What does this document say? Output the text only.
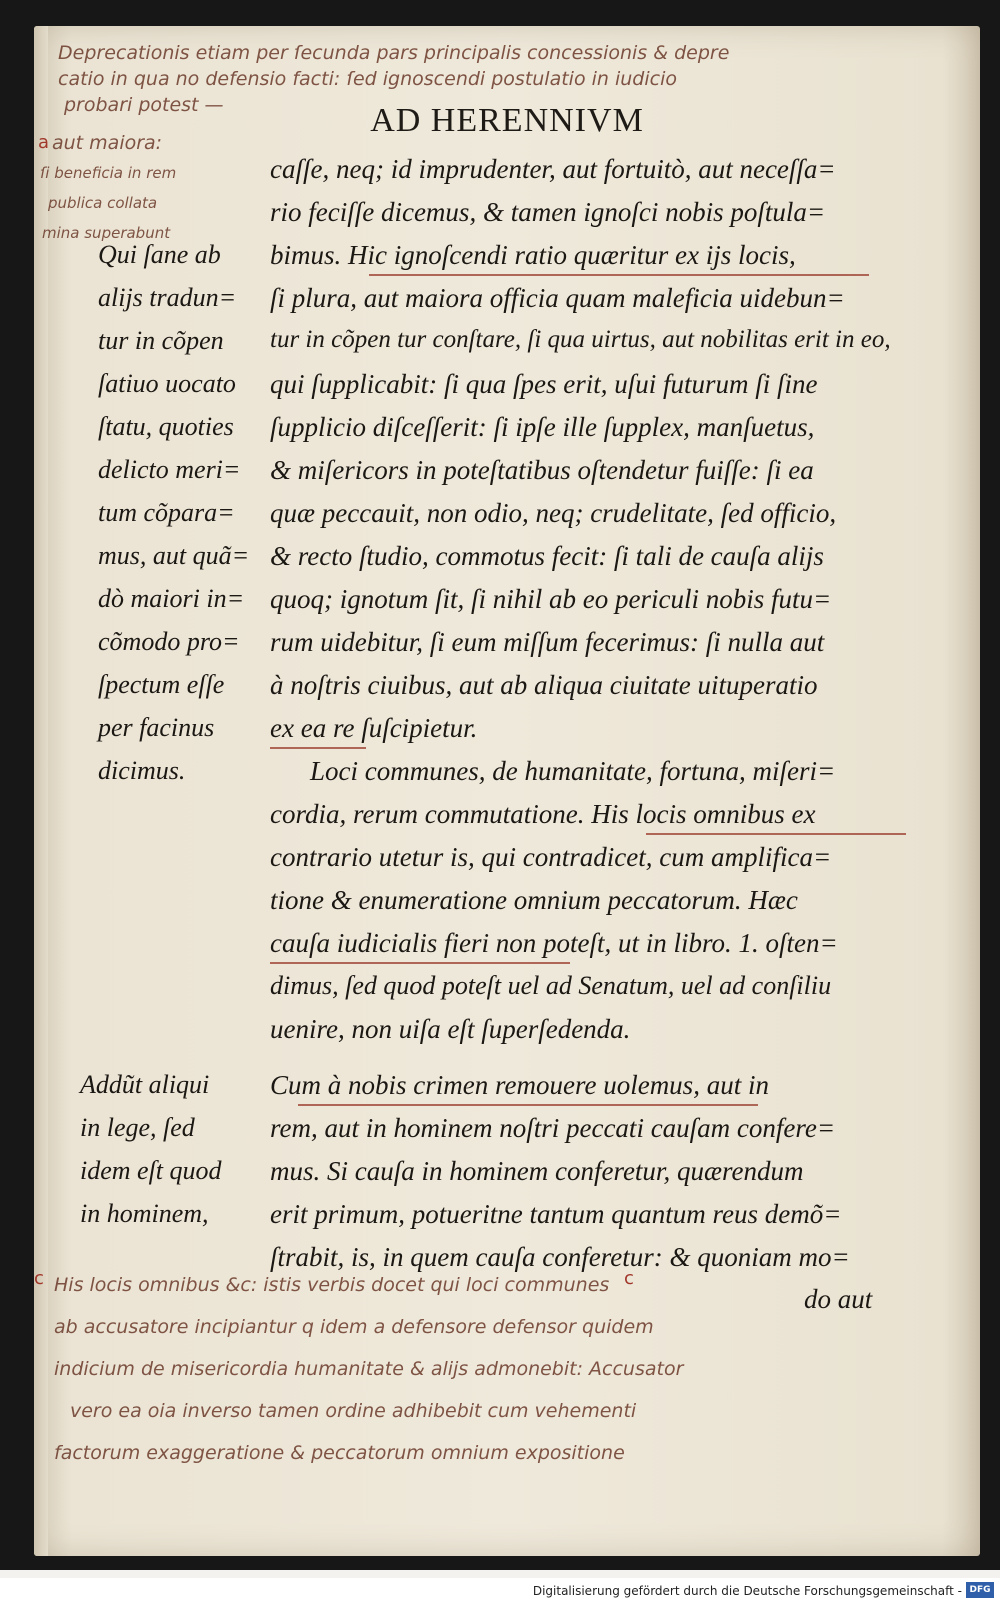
Deprecationis etiam per ſecunda pars principalis concessionis & depre
catio in qua no defensio facti: ſed ignoscendi postulatio in iudicio
probari potest —
aut maiora:
a
AD HERENNIVM
ſi beneficia in rem
publica collata
mina superabunt
Qui ſane ab
alijs tradun=
tur in cõpen
ſatiuo uocato
ſtatu, quoties
delicto meri=
tum cõpara=
mus, aut quã=
dò maiori in=
cõmodo pro=
ſpectum eſſe
per facinus
dicimus.
Addũt aliqui
in lege, ſed
idem eſt quod
in hominem,
caſſe, neq; id imprudenter, aut fortuitò, aut neceſſa=
rio feciſſe dicemus, & tamen ignoſci nobis poſtula=
bimus. Hic ignoſcendi ratio quæritur ex ijs locis,
ſi plura, aut maiora officia quam maleficia uidebun=
tur in cõpen tur conſtare, ſi qua uirtus, aut nobilitas erit in eo,
qui ſupplicabit: ſi qua ſpes erit, uſui futurum ſi ſine
ſupplicio diſceſſerit: ſi ipſe ille ſupplex, manſuetus,
& miſericors in poteſtatibus oſtendetur fuiſſe: ſi ea
quæ peccauit, non odio, neq; crudelitate, ſed officio,
& recto ſtudio, commotus fecit: ſi tali de cauſa alijs
quoq; ignotum ſit, ſi nihil ab eo periculi nobis futu=
rum uidebitur, ſi eum miſſum fecerimus: ſi nulla aut
à noſtris ciuibus, aut ab aliqua ciuitate uituperatio
ex ea re ſuſcipietur.
Loci communes, de humanitate, fortuna, miſeri=
cordia, rerum commutatione. His locis omnibus ex
contrario utetur is, qui contradicet, cum amplifica=
tione & enumeratione omnium peccatorum. Hæc
cauſa iudicialis fieri non poteſt, ut in libro. 1. oſten=
dimus, ſed quod poteſt uel ad Senatum, uel ad conſiliu
uenire, non uiſa eſt ſuperſedenda.
Cum à nobis crimen remouere uolemus, aut in
rem, aut in hominem noſtri peccati cauſam confere=
mus. Si cauſa in hominem conferetur, quærendum
erit primum, potueritne tantum quantum reus demõ=
ſtrabit, is, in quem cauſa conferetur: & quoniam mo=
do aut
c
c His locis omnibus &c: istis verbis docet qui loci communes
ab accusatore incipiantur q idem a defensore defensor quidem
indicium de misericordia humanitate & alijs admonebit: Accusator
vero ea oia inverso tamen ordine adhibebit cum vehementi
factorum exaggeratione & peccatorum omnium expositione
Digitalisierung gefördert durch die Deutsche Forschungsgemeinschaft - DFG
